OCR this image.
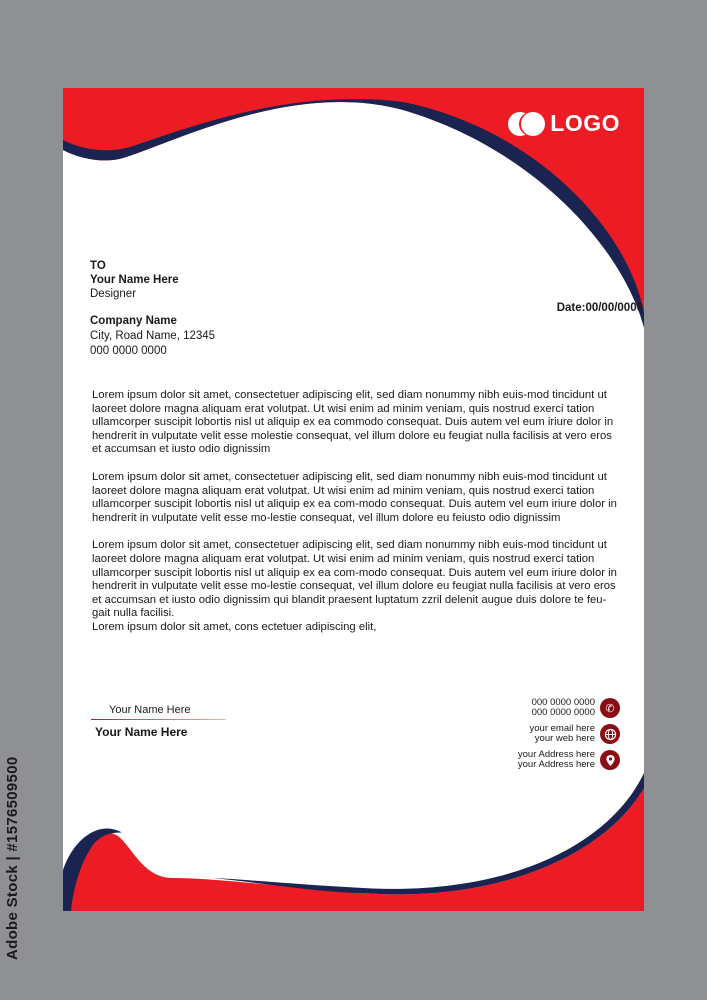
LOGO
TO
Your Name Here
Designer
Company Name
City, Road Name, 12345
000 0000 0000
Date:00/00/0000

Lorem ipsum dolor sit amet, consectetuer adipiscing elit, sed diam nonummy nibh euis-mod tincidunt ut laoreet dolore magna aliquam erat volutpat. Ut wisi enim ad minim veniam, quis nostrud exerci tation ullamcorper suscipit lobortis nisl ut aliquip ex ea commodo consequat. Duis autem vel eum iriure dolor in hendrerit in vulputate velit esse molestie consequat, vel illum dolore eu feugiat nulla facilisis at vero eros et accumsan et iusto odio dignissim

Lorem ipsum dolor sit amet, consectetuer adipiscing elit, sed diam nonummy nibh euis-mod tincidunt ut laoreet dolore magna aliquam erat volutpat. Ut wisi enim ad minim veniam, quis nostrud exerci tation ullamcorper suscipit lobortis nisl ut aliquip ex ea com-modo consequat. Duis autem vel eum iriure dolor in hendrerit in vulputate velit esse mo-lestie consequat, vel illum dolore eu feiusto odio dignissim

Lorem ipsum dolor sit amet, consectetuer adipiscing elit, sed diam nonummy nibh euis-mod tincidunt ut laoreet dolore magna aliquam erat volutpat. Ut wisi enim ad minim veniam, quis nostrud exerci tation ullamcorper suscipit lobortis nisl ut aliquip ex ea com-modo consequat. Duis autem vel eum iriure dolor in hendrerit in vulputate velit esse mo-lestie consequat, vel illum dolore eu feugiat nulla facilisis at vero eros et accumsan et iusto odio dignissim qui blandit praesent luptatum zzril delenit augue duis dolore te feu-gait nulla facilisi.

Lorem ipsum dolor sit amet, cons ectetuer adipiscing elit,

Your Name Here
Your Name Here
000 0000 0000
000 0000 0000 ✆
your email here
your web here
your Address here
your Address here
Adobe Stock | #1576509500
